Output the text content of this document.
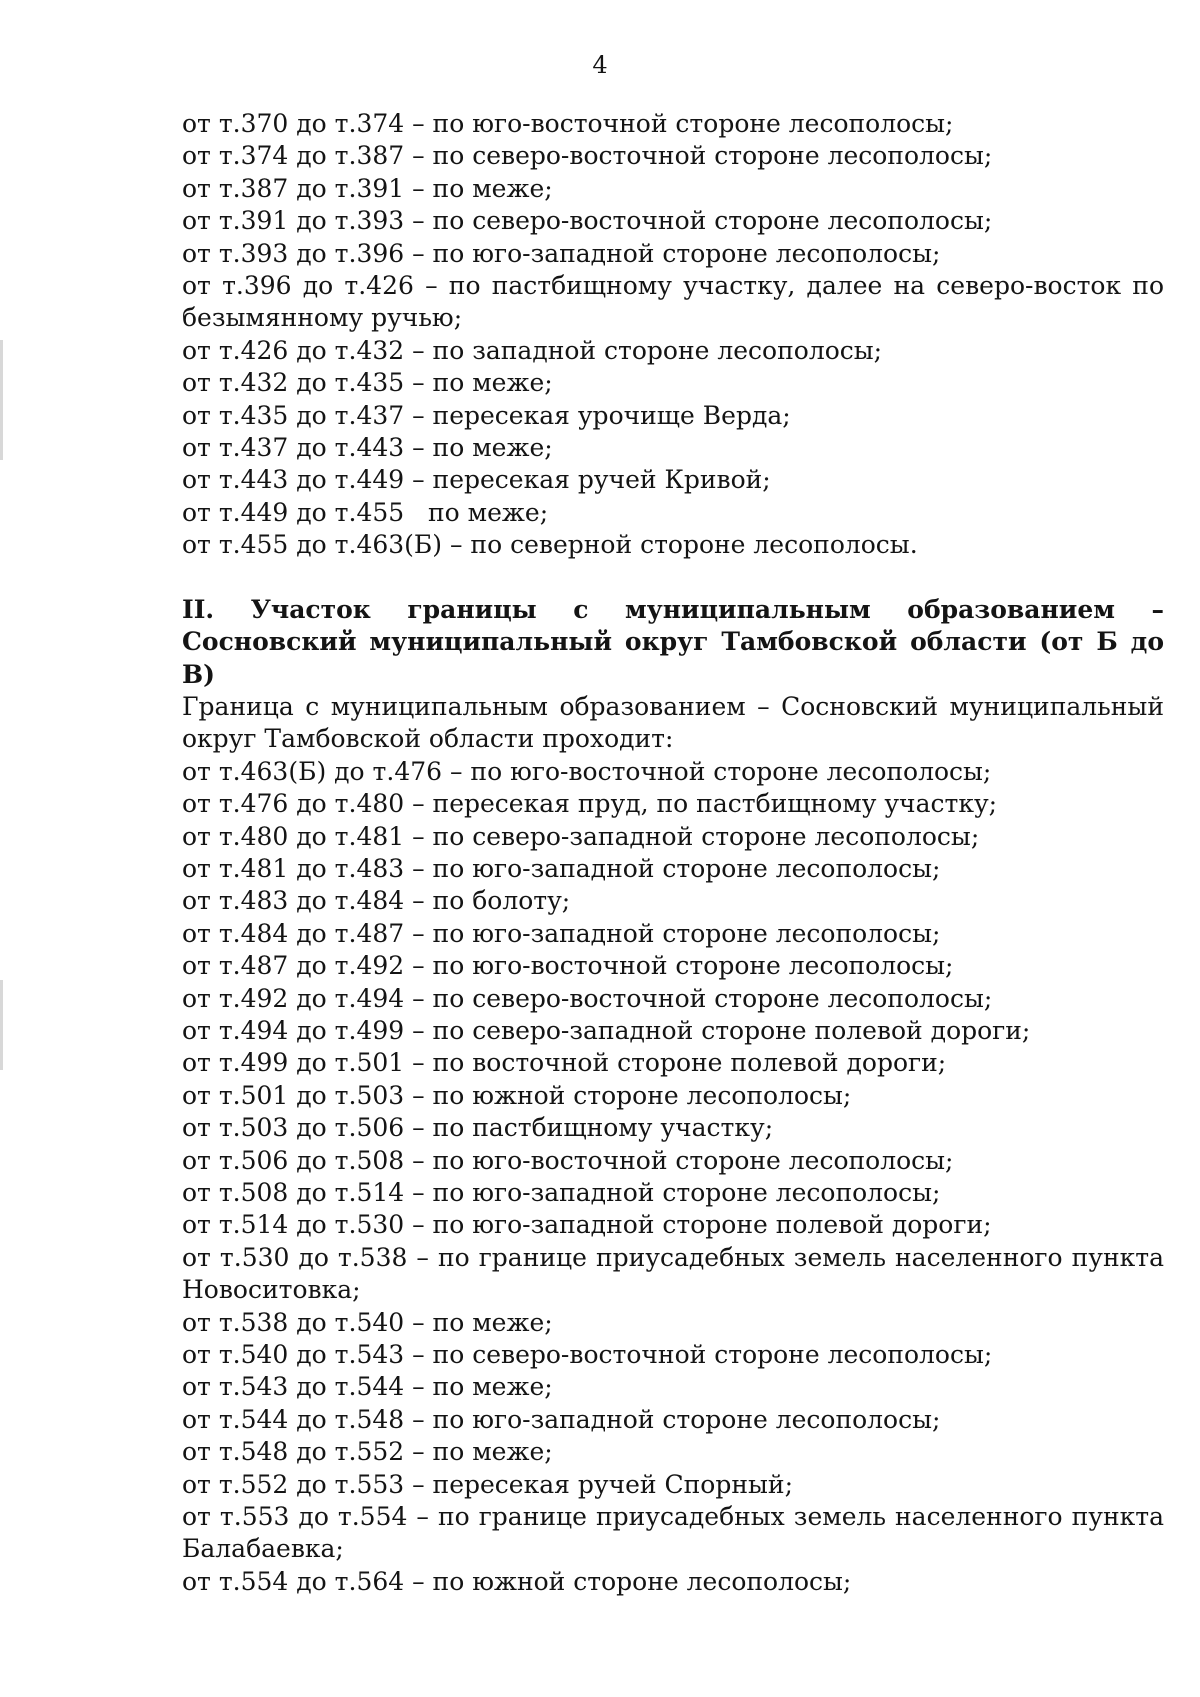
4

от т.370 до т.374 – по юго-восточной стороне лесополосы;

от т.374 до т.387 – по северо-восточной стороне лесополосы;

от т.387 до т.391 – по меже;

от т.391 до т.393 – по северо-восточной стороне лесополосы;

от т.393 до т.396 – по юго-западной стороне лесополосы;

от т.396 до т.426 – по пастбищному участку, далее на северо-восток по безымянному ручью;

от т.426 до т.432 – по западной стороне лесополосы;

от т.432 до т.435 – по меже;

от т.435 до т.437 – пересекая урочище Верда;

от т.437 до т.443 – по меже;

от т.443 до т.449 – пересекая ручей Кривой;

от т.449 до т.455   по меже;

от т.455 до т.463(Б) – по северной стороне лесополосы.

II. Участок границы с муниципальным образованием – Сосновский муниципальный округ Тамбовской области (от Б до В)

Граница с муниципальным образованием – Сосновский муниципальный округ Тамбовской области проходит:

от т.463(Б) до т.476 – по юго-восточной стороне лесополосы;

от т.476 до т.480 – пересекая пруд, по пастбищному участку;

от т.480 до т.481 – по северо-западной стороне лесополосы;

от т.481 до т.483 – по юго-западной стороне лесополосы;

от т.483 до т.484 – по болоту;

от т.484 до т.487 – по юго-западной стороне лесополосы;

от т.487 до т.492 – по юго-восточной стороне лесополосы;

от т.492 до т.494 – по северо-восточной стороне лесополосы;

от т.494 до т.499 – по северо-западной стороне полевой дороги;

от т.499 до т.501 – по восточной стороне полевой дороги;

от т.501 до т.503 – по южной стороне лесополосы;

от т.503 до т.506 – по пастбищному участку;

от т.506 до т.508 – по юго-восточной стороне лесополосы;

от т.508 до т.514 – по юго-западной стороне лесополосы;

от т.514 до т.530 – по юго-западной стороне полевой дороги;

от т.530 до т.538 – по границе приусадебных земель населенного пункта Новоситовка;

от т.538 до т.540 – по меже;

от т.540 до т.543 – по северо-восточной стороне лесополосы;

от т.543 до т.544 – по меже;

от т.544 до т.548 – по юго-западной стороне лесополосы;

от т.548 до т.552 – по меже;

от т.552 до т.553 – пересекая ручей Спорный;

от т.553 до т.554 – по границе приусадебных земель населенного пункта Балабаевка;

от т.554 до т.564 – по южной стороне лесополосы;
